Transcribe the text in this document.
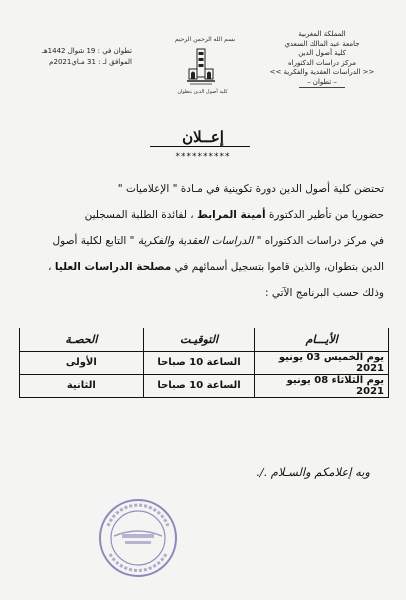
المملكة المغربية
جامعة عبد المالك السعدي
كلية أصول الدين
مركز دراسات الدكتوراه
<< الدراسات العقدية والفكرية >>
– تطوان –
بسم الله الرحمن الرحيم
كلية أصول الدين بتطوان
تطوان في : 19 شوال 1442هـ
الموافق لـ : 31 مـاي2021م
إعــلان
**********
تحتضن كلية أصول الدين دورة تكوينية في مـادة " الإعلاميات "
حضوريا من تأطير الدكتورة أمينة المرابط ، لفائدة الطلبة المسجلين
في مركز دراسات الدكتوراه " الدراسات العقدية والفكرية " التابع لكلية أصول
الدين بتطوان، والذين قاموا بتسجيل أسمائهم في مصلحة الدراسات العليا ،
وذلك حسب البرنامج الآتي :
الأيـــام	التوقيـت	الحصـة
يوم الخميس 03 يونيو 2021	الساعة 10 صباحا	الأولى
يوم الثلاثاء 08 يونيو 2021	الساعة 10 صباحا	الثانية
وبه إعلامكم والسـلام ./.
